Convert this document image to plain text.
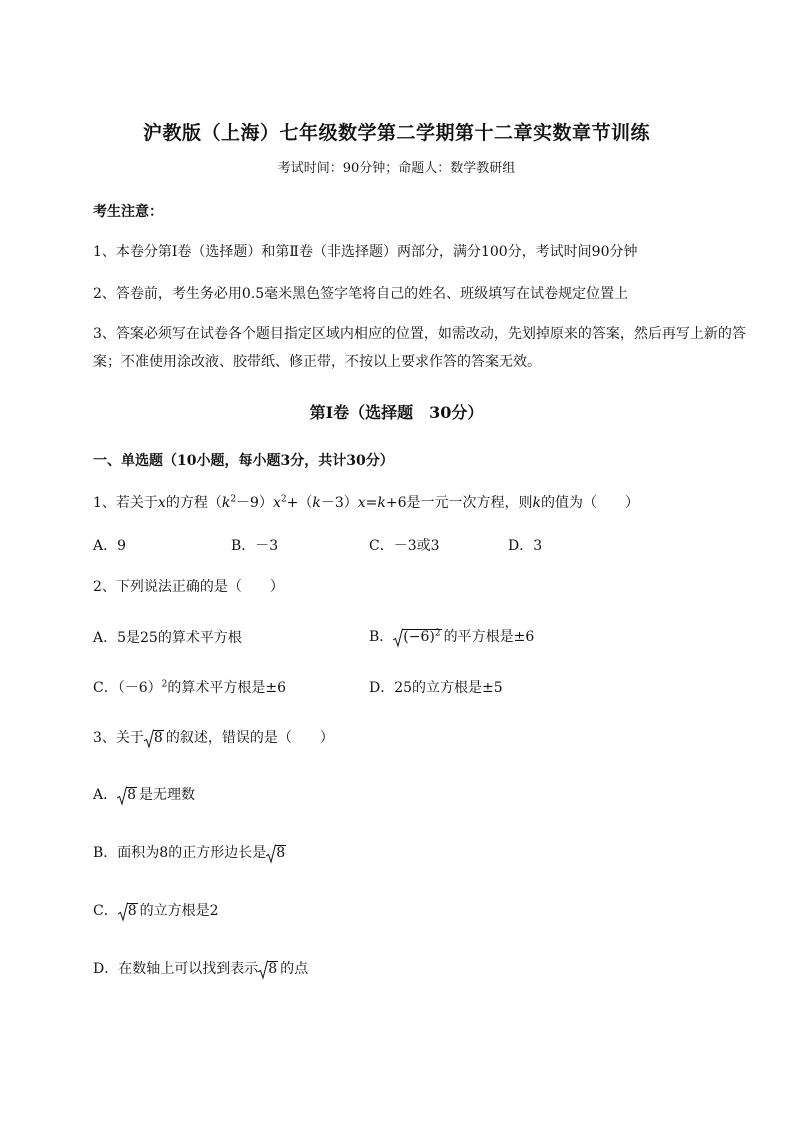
沪教版（上海）七年级数学第二学期第十二章实数章节训练
考试时间：90分钟；命题人：数学教研组
考生注意：
1、本卷分第I卷（选择题）和第Ⅱ卷（非选择题）两部分，满分100分，考试时间90分钟
2、答卷前，考生务必用0.5毫米黑色签字笔将自己的姓名、班级填写在试卷规定位置上
3、答案必须写在试卷各个题目指定区域内相应的位置，如需改动，先划掉原来的答案，然后再写上新的答案；不准使用涂改液、胶带纸、修正带，不按以上要求作答的答案无效。
第I卷（选择题　30分）
一、单选题（10小题，每小题3分，共计30分）
1、若关于x的方程$(k^2-9)x^2+(k-3)x=k+6$是一元一次方程，则k的值为（　　）
A．9	B．－3	C．－3或3	D．3
2、下列说法正确的是（　　）
A．5是25的算术平方根	B． $(-6)^2$ 的平方根是±6
C．$(-6)^2$的算术平方根是±6	D．25的立方根是±5
3、关于 8 的叙述，错误的是（　　）
A． 8 是无理数
B．面积为8的正方形边长是 8
C． 8 的立方根是2
D．在数轴上可以找到表示 8 的点
